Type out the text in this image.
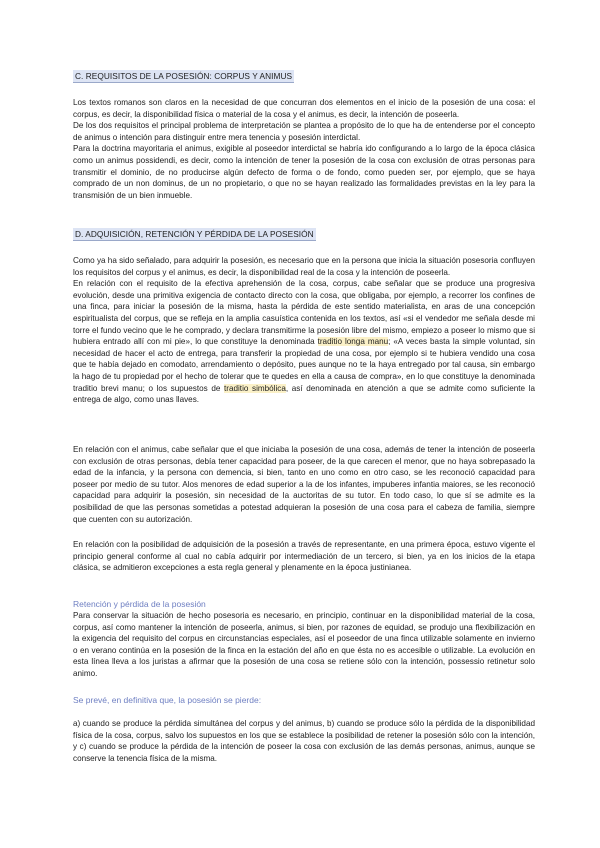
C. REQUISITOS DE LA POSESIÓN: CORPUS Y ANIMUS

Los textos romanos son claros en la necesidad de que concurran dos elementos en el inicio de la posesión de una cosa: el corpus, es decir, la disponibilidad física o material de la cosa y el animus, es decir, la intención de poseerla.

De los dos requisitos el principal problema de interpretación se plantea a propósito de lo que ha de entenderse por el concepto de animus o intención para distinguir entre mera tenencia y posesión interdictal.

Para la doctrina mayoritaria el animus, exigible al poseedor interdictal se habría ido configurando a lo largo de la época clásica como un animus possidendi, es decir, como la intención de tener la posesión de la cosa con exclusión de otras personas para transmitir el dominio, de no producirse algún defecto de forma o de fondo, como pueden ser, por ejemplo, que se haya comprado de un non dominus, de un no propietario, o que no se hayan realizado las formalidades previstas en la ley para la transmisión de un bien inmueble.

D. ADQUISICIÓN, RETENCIÓN Y PÉRDIDA DE LA POSESIÓN

Como ya ha sido señalado, para adquirir la posesión, es necesario que en la persona que inicia la situación posesoria confluyen los requisitos del corpus y el animus, es decir, la disponibilidad real de la cosa y la intención de poseerla.

En relación con el requisito de la efectiva aprehensión de la cosa, corpus, cabe señalar que se produce una progresiva evolución, desde una primitiva exigencia de contacto directo con la cosa, que obligaba, por ejemplo, a recorrer los confines de una finca, para iniciar la posesión de la misma, hasta la pérdida de este sentido materialista, en aras de una concepción espiritualista del corpus, que se refleja en la amplia casuística contenida en los textos, así «si el vendedor me señala desde mi torre el fundo vecino que le he comprado, y declara transmitirme la posesión libre del mismo, empiezo a poseer lo mismo que si hubiera entrado allí con mi pie», lo que constituye la denominada traditio longa manu; «A veces basta la simple voluntad, sin necesidad de hacer el acto de entrega, para transferir la propiedad de una cosa, por ejemplo si te hubiera vendido una cosa que te había dejado en comodato, arrendamiento o depósito, pues aunque no te la haya entregado por tal causa, sin embargo la hago de tu propiedad por el hecho de tolerar que te quedes en ella a causa de compra», en lo que constituye la denominada traditio brevi manu; o los supuestos de traditio simbólica, así denominada en atención a que se admite como suficiente la entrega de algo, como unas llaves.

En relación con el animus, cabe señalar que el que iniciaba la posesión de una cosa, además de tener la intención de poseerla con exclusión de otras personas, debía tener capacidad para poseer, de la que carecen el menor, que no haya sobrepasado la edad de la infancia, y la persona con demencia, si bien, tanto en uno como en otro caso, se les reconoció capacidad para poseer por medio de su tutor. Alos menores de edad superior a la de los infantes, impuberes infantia maiores, se les reconoció capacidad para adquirir la posesión, sin necesidad de la auctoritas de su tutor. En todo caso, lo que sí se admite es la posibilidad de que las personas sometidas a potestad adquieran la posesión de una cosa para el cabeza de familia, siempre que cuenten con su autorización.

En relación con la posibilidad de adquisición de la posesión a través de representante, en una primera época, estuvo vigente el principio general conforme al cual no cabía adquirir por intermediación de un tercero, si bien, ya en los inicios de la etapa clásica, se admitieron excepciones a esta regla general y plenamente en la época justinianea.

Retención y pérdida de la posesión

Para conservar la situación de hecho posesoria es necesario, en principio, continuar en la disponibilidad material de la cosa, corpus, así como mantener la intención de poseerla, animus, si bien, por razones de equidad, se produjo una flexibilización en la exigencia del requisito del corpus en circunstancias especiales, así el poseedor de una finca utilizable solamente en invierno o en verano continúa en la posesión de la finca en la estación del año en que ésta no es accesible o utilizable. La evolución en esta línea lleva a los juristas a afirmar que la posesión de una cosa se retiene sólo con la intención, possessio retinetur solo animo.

Se prevé, en definitiva que, la posesión se pierde:

a) cuando se produce la pérdida simultánea del corpus y del animus, b) cuando se produce sólo la pérdida de la disponibilidad física de la cosa, corpus, salvo los supuestos en los que se establece la posibilidad de retener la posesión sólo con la intención, y c) cuando se produce la pérdida de la intención de poseer la cosa con exclusión de las demás personas, animus, aunque se conserve la tenencia física de la misma.
